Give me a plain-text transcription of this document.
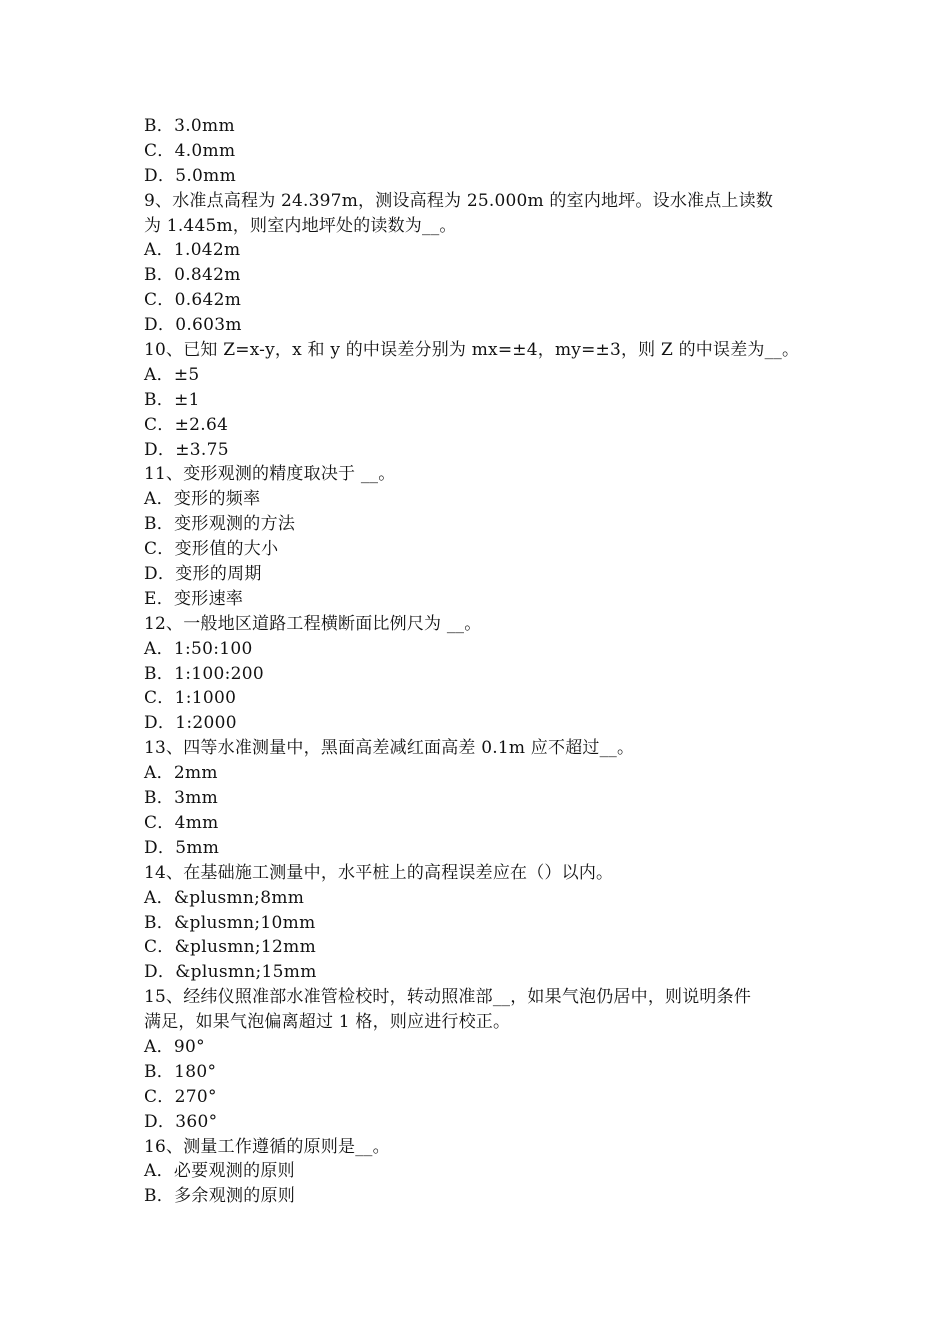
B．3.0mm
C．4.0mm
D．5.0mm
9、水准点高程为 24.397m，测设高程为 25.000m 的室内地坪。设水准点上读数
为 1.445m，则室内地坪处的读数为__。
A．1.042m
B．0.842m
C．0.642m
D．0.603m
10、已知 Z=x-y，x 和 y 的中误差分别为 mx=±4，my=±3，则 Z 的中误差为__。
A．±5
B．±1
C．±2.64
D．±3.75
11、变形观测的精度取决于 __。
A．变形的频率
B．变形观测的方法
C．变形值的大小
D．变形的周期
E．变形速率
12、一般地区道路工程横断面比例尺为 __。
A．1:50:100
B．1:100:200
C．1:1000
D．1:2000
13、四等水准测量中，黑面高差减红面高差 0.1m 应不超过__。
A．2mm
B．3mm
C．4mm
D．5mm
14、在基础施工测量中，水平桩上的高程误差应在（）以内。
A．&plusmn;8mm
B．&plusmn;10mm
C．&plusmn;12mm
D．&plusmn;15mm
15、经纬仪照准部水准管检校时，转动照准部__，如果气泡仍居中，则说明条件
满足，如果气泡偏离超过 1 格，则应进行校正。
A．90°
B．180°
C．270°
D．360°
16、测量工作遵循的原则是__。
A．必要观测的原则
B．多余观测的原则
